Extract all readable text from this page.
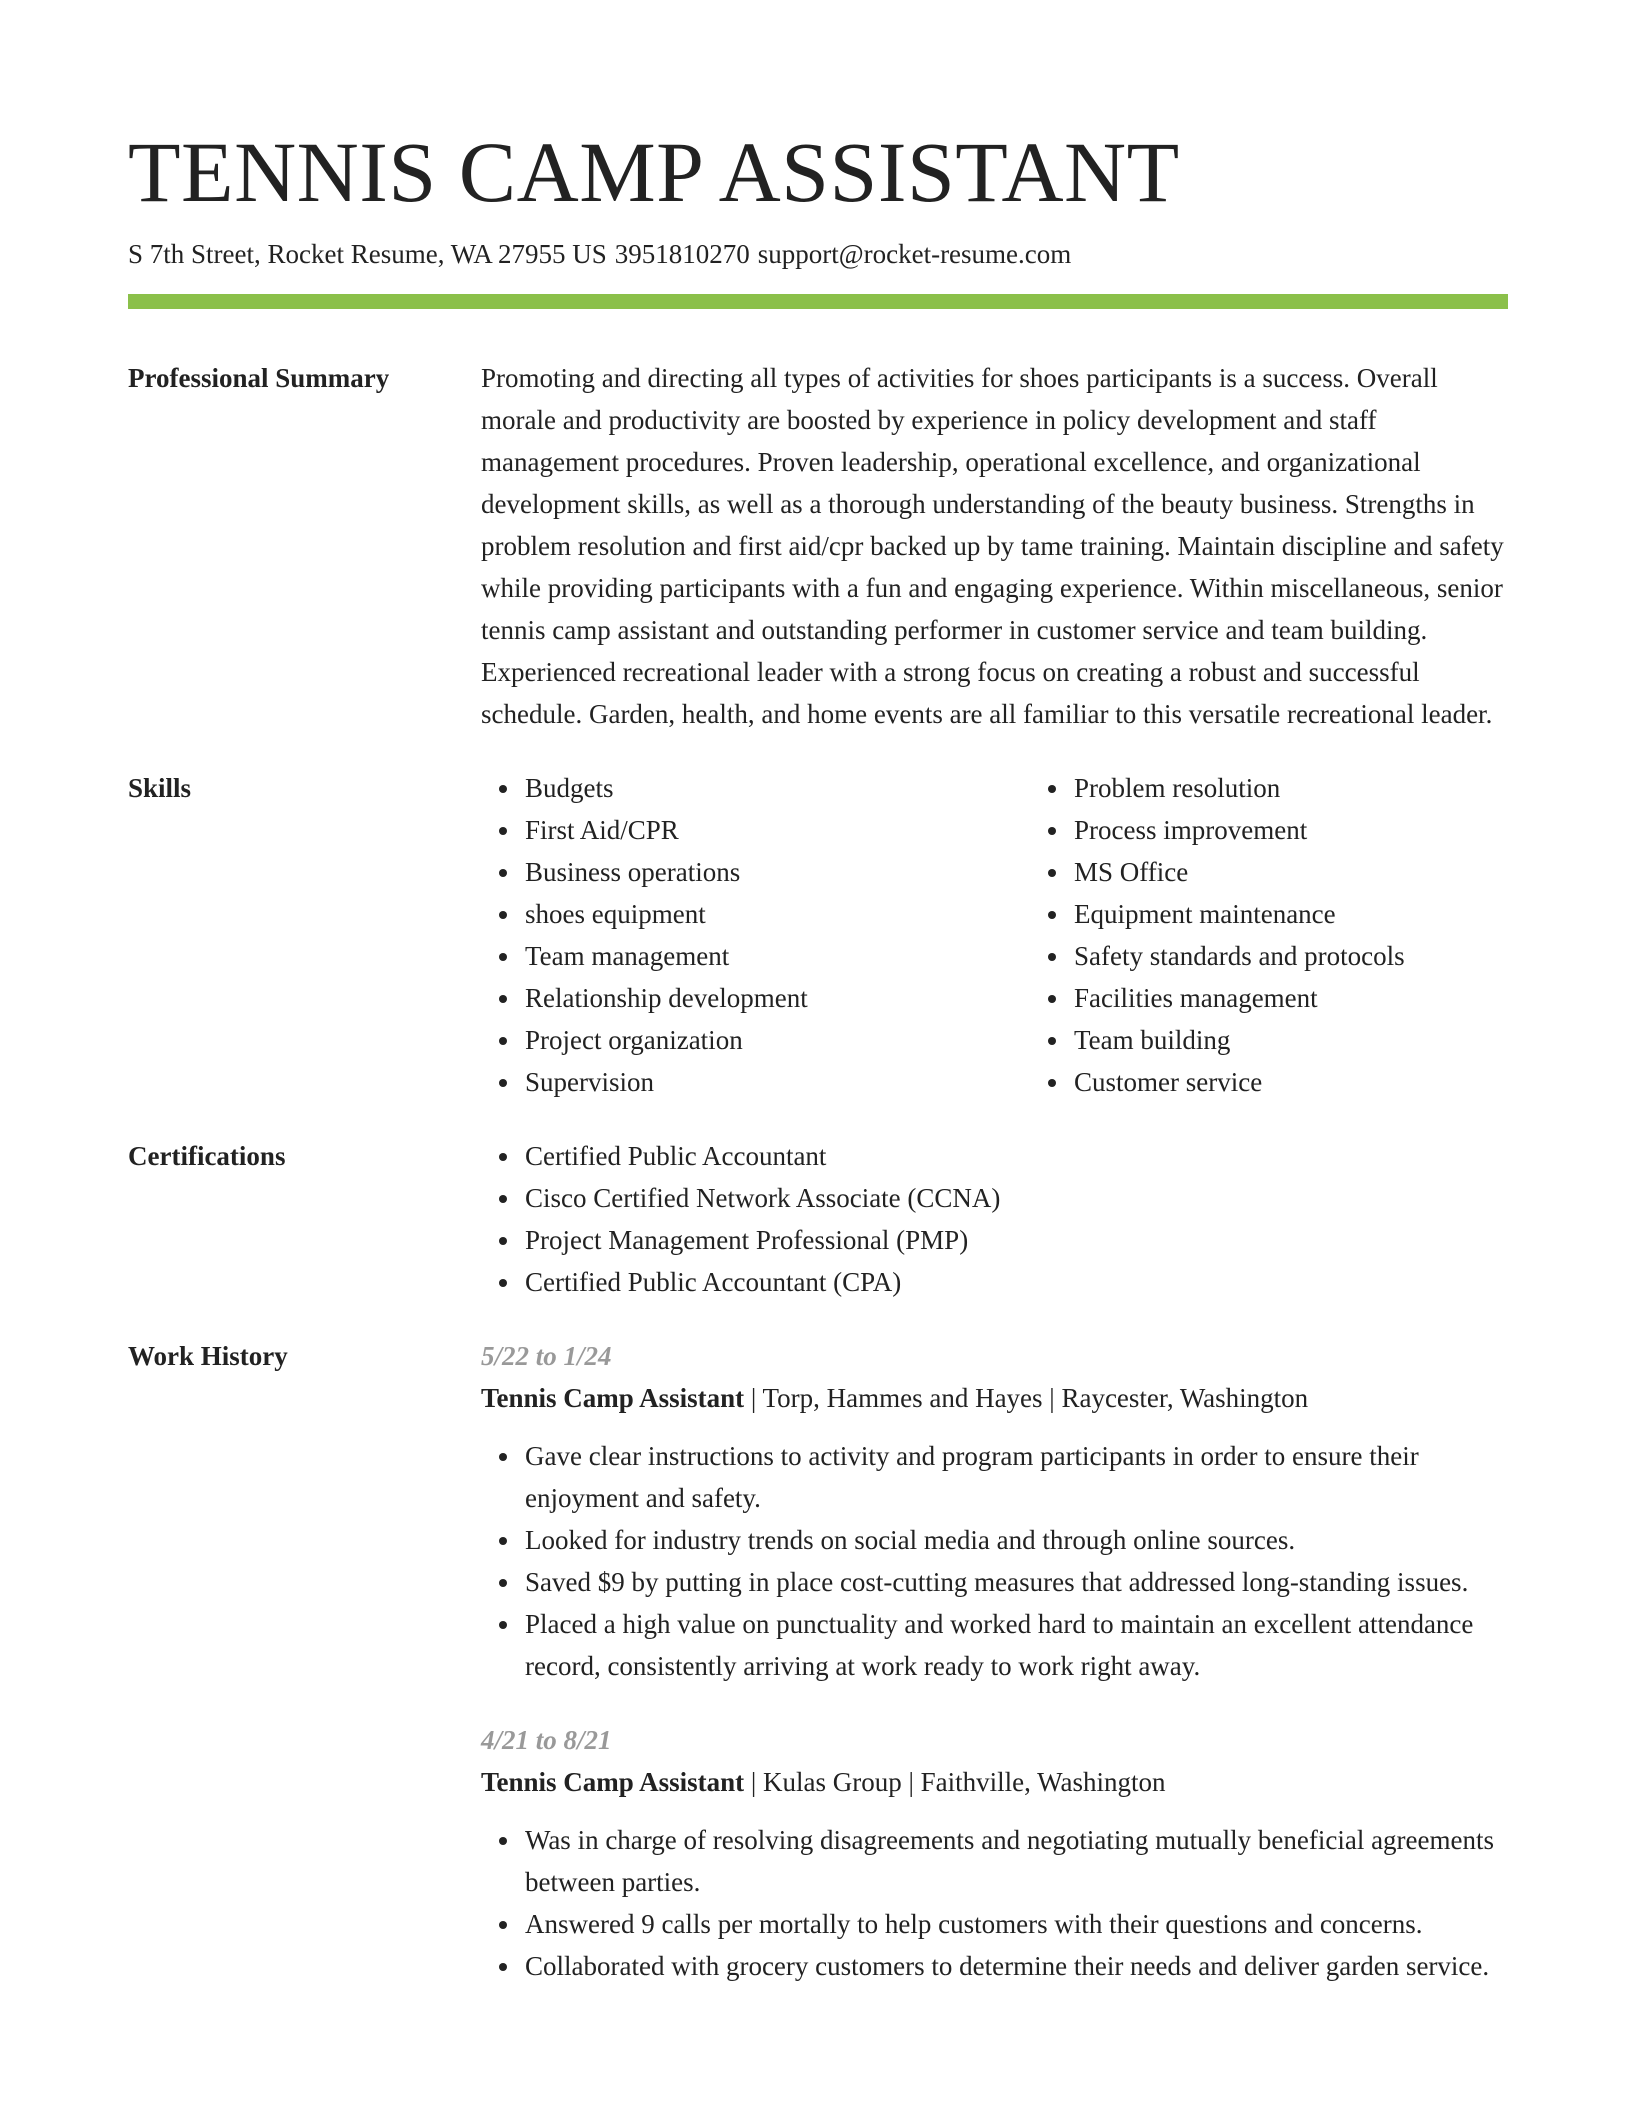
TENNIS CAMP ASSISTANT
S 7th Street, Rocket Resume, WA 27955 US 3951810270 support@rocket-resume.com
Professional Summary	Promoting and directing all types of activities for shoes participants is a success. Overall morale and productivity are boosted by experience in policy development and staff management procedures. Proven leadership, operational excellence, and organizational development skills, as well as a thorough understanding of the beauty business. Strengths in problem resolution and first aid/cpr backed up by tame training. Maintain discipline and safety while providing participants with a fun and engaging experience. Within miscellaneous, senior tennis camp assistant and outstanding performer in customer service and team building. Experienced recreational leader with a strong focus on creating a robust and successful schedule. Garden, health, and home events are all familiar to this versatile recreational leader.

Skills	Budgets
First Aid/CPR
Business operations
shoes equipment
Team management
Relationship development
Project organization
Supervision
Problem resolution
Process improvement
MS Office
Equipment maintenance
Safety standards and protocols
Facilities management
Team building
Customer service
Certifications	Certified Public Accountant
Cisco Certified Network Associate (CCNA)
Project Management Professional (PMP)
Certified Public Accountant (CPA)
Work History	5/22 to 1/24
Tennis Camp Assistant | Torp, Hammes and Hayes | Raycester, Washington
Gave clear instructions to activity and program participants in order to ensure their enjoyment and safety.
Looked for industry trends on social media and through online sources.
Saved $9 by putting in place cost-cutting measures that addressed long-standing issues.
Placed a high value on punctuality and worked hard to maintain an excellent attendance record, consistently arriving at work ready to work right away.
4/21 to 8/21
Tennis Camp Assistant | Kulas Group | Faithville, Washington
Was in charge of resolving disagreements and negotiating mutually beneficial agreements between parties.
Answered 9 calls per mortally to help customers with their questions and concerns.
Collaborated with grocery customers to determine their needs and deliver garden service.
